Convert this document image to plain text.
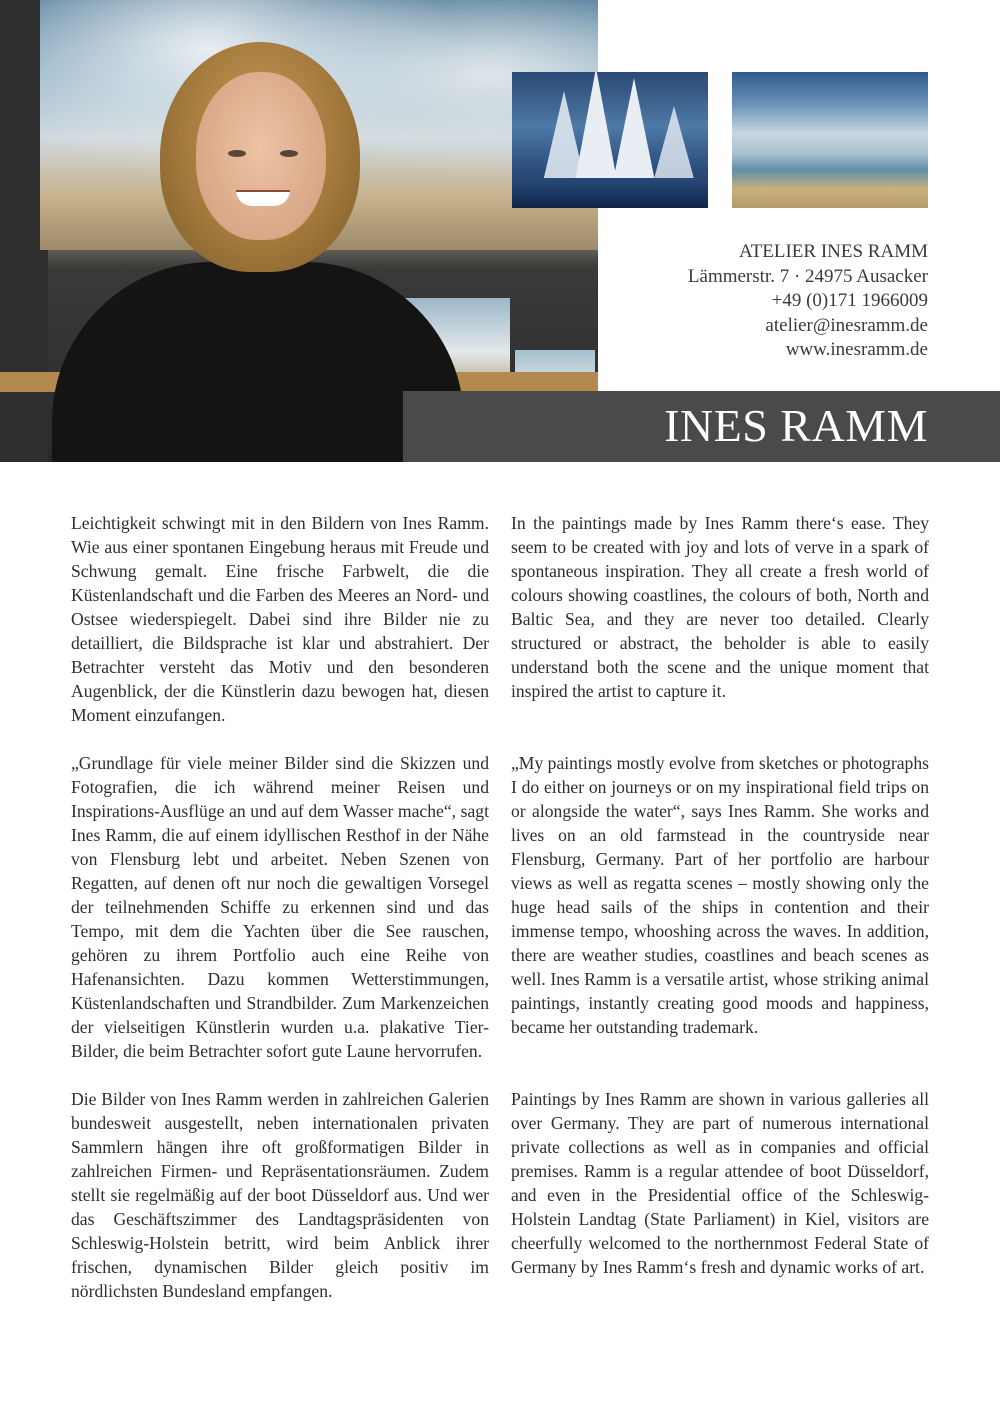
ATELIER INES RAMM
Lämmerstr. 7 · 24975 Ausacker
+49 (0)171 1966009
atelier@inesramm.de
www.inesramm.de
INES RAMM

Leichtigkeit schwingt mit in den Bildern von Ines Ramm. Wie aus einer spontanen Eingebung heraus mit Freude und Schwung gemalt. Eine frische Farbwelt, die die Küstenlandschaft und die Farben des Meeres an Nord- und Ostsee wiederspiegelt. Dabei sind ihre Bilder nie zu detailliert, die Bildsprache ist klar und abstrahiert. Der Betrachter versteht das Motiv und den besonderen Augenblick, der die Künstlerin dazu bewogen hat, diesen Moment einzufangen.

„Grundlage für viele meiner Bilder sind die Skizzen und Fotografien, die ich während meiner Reisen und Inspirations-Ausflüge an und auf dem Wasser mache“, sagt Ines Ramm, die auf einem idyllischen Resthof in der Nähe von Flensburg lebt und arbeitet. Neben Szenen von Regatten, auf denen oft nur noch die gewaltigen Vorsegel der teilnehmenden Schiffe zu erkennen sind und das Tempo, mit dem die Yachten über die See rauschen, gehören zu ihrem Portfolio auch eine Reihe von Hafenansichten. Dazu kommen Wetterstimmungen, Küstenlandschaften und Strandbilder. Zum Markenzeichen der vielseitigen Künstlerin wurden u.a. plakative Tier-Bilder, die beim Betrachter sofort gute Laune hervorrufen.

Die Bilder von Ines Ramm werden in zahlreichen Galerien bundesweit ausgestellt, neben internationalen privaten Sammlern hängen ihre oft großformatigen Bilder in zahlreichen Firmen- und Repräsentationsräumen. Zudem stellt sie regelmäßig auf der boot Düsseldorf aus. Und wer das Geschäftszimmer des Landtagspräsidenten von Schleswig-Holstein betritt, wird beim Anblick ihrer frischen, dynamischen Bilder gleich positiv im nördlichsten Bundesland empfangen.

In the paintings made by Ines Ramm there‘s ease. They seem to be created with joy and lots of verve in a spark of spontaneous inspiration. They all create a fresh world of colours showing coastlines, the colours of both, North and Baltic Sea, and they are never too detailed. Clearly structured or abstract, the beholder is able to easily understand both the scene and the unique moment that inspired the artist to capture it.

„My paintings mostly evolve from sketches or photographs I do either on journeys or on my inspirational field trips on or alongside the water“, says Ines Ramm. She works and lives on an old farmstead in the countryside near Flensburg, Germany. Part of her portfolio are harbour views as well as regatta scenes – mostly showing only the huge head sails of the ships in contention and their immense tempo, whooshing across the waves. In addition, there are weather studies, coastlines and beach scenes as well. Ines Ramm is a versatile artist, whose striking animal paintings, instantly creating good moods and happiness, became her outstanding trademark.

Paintings by Ines Ramm are shown in various galleries all over Germany. They are part of numerous international private collections as well as in companies and official premises. Ramm is a regular attendee of boot Düsseldorf, and even in the Presidential office of the Schleswig-Holstein Landtag (State Parliament) in Kiel, visitors are cheerfully welcomed to the northernmost Federal State of Germany by Ines Ramm‘s fresh and dynamic works of art.
